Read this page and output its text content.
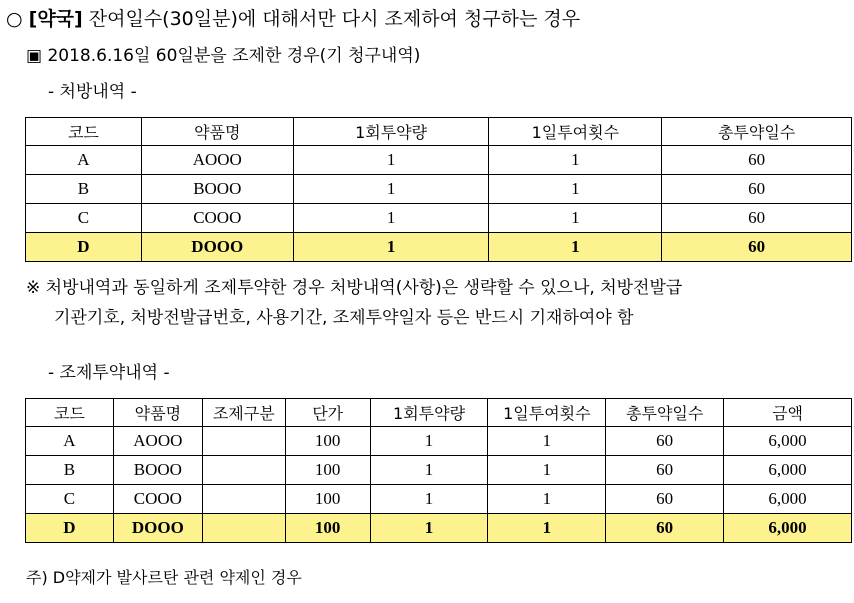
○ [약국] 잔여일수(30일분)에 대해서만 다시 조제하여 청구하는 경우
▣ 2018.6.16일 60일분을 조제한 경우(기 청구내역)
- 처방내역 -
코드	약품명	1회투약량	1일투여횟수	총투약일수
A	AOOO	1	1	60
B	BOOO	1	1	60
C	COOO	1	1	60
D	DOOO	1	1	60
※ 처방내역과 동일하게 조제투약한 경우 처방내역(사항)은 생략할 수 있으나, 처방전발급
기관기호, 처방전발급번호, 사용기간, 조제투약일자 등은 반드시 기재하여야 함
- 조제투약내역 -
코드	약품명	조제구분	단가	1회투약량	1일투여횟수	총투약일수	금액
A	AOOO		100	1	1	60	6,000
B	BOOO		100	1	1	60	6,000
C	COOO		100	1	1	60	6,000
D	DOOO		100	1	1	60	6,000
주) D약제가 발사르탄 관련 약제인 경우
